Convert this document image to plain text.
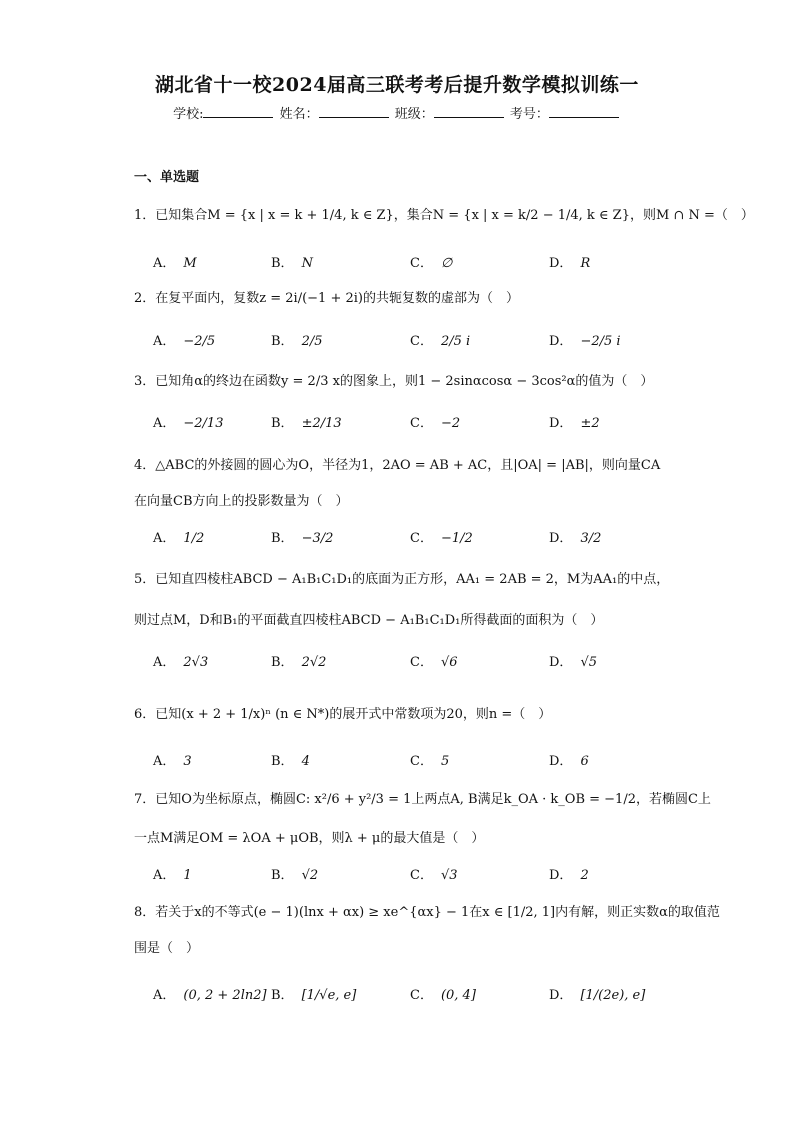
湖北省十一校2024届高三联考考后提升数学模拟训练一
学校:	姓名：	班级：	考号：
一、单选题
1．已知集合M = {x | x = k + 1/4, k ∈ Z}，集合N = {x | x = k/2 − 1/4, k ∈ Z}，则M ∩ N =（　）
A． M	B． N	C． ∅	D． R
2．在复平面内，复数z = 2i/(−1 + 2i)的共轭复数的虚部为（　）
A． −2/5	B． 2/5	C． 2/5 i	D． −2/5 i
3．已知角α的终边在函数y = 2/3 x的图象上，则1 − 2sinαcosα − 3cos²α的值为（　）
A． −2/13	B． ±2/13	C． −2	D． ±2
4．△ABC的外接圆的圆心为O，半径为1，2AO = AB + AC，且|OA| = |AB|，则向量CA
在向量CB方向上的投影数量为（　）
A． 1/2	B． −3/2	C． −1/2	D． 3/2
5．已知直四棱柱ABCD − A₁B₁C₁D₁的底面为正方形，AA₁ = 2AB = 2，M为AA₁的中点，
则过点M，D和B₁的平面截直四棱柱ABCD − A₁B₁C₁D₁所得截面的面积为（　）
A． 2√3	B． 2√2	C． √6	D． √5
6．已知(x + 2 + 1/x)ⁿ (n ∈ N*)的展开式中常数项为20，则n =（　）
A． 3	B． 4	C． 5	D． 6
7．已知O为坐标原点，椭圆C: x²/6 + y²/3 = 1上两点A, B满足k_OA · k_OB = −1/2，若椭圆C上
一点M满足OM = λOA + μOB，则λ + μ的最大值是（　）
A． 1	B． √2	C． √3	D． 2
8．若关于x的不等式(e − 1)(lnx + αx) ≥ xe^{αx} − 1在x ∈ [1/2, 1]内有解，则正实数α的取值范
围是（　）
A． (0, 2 + 2ln2] B． [1/√e, e]	C． (0, 4]	D． [1/(2e), e]
